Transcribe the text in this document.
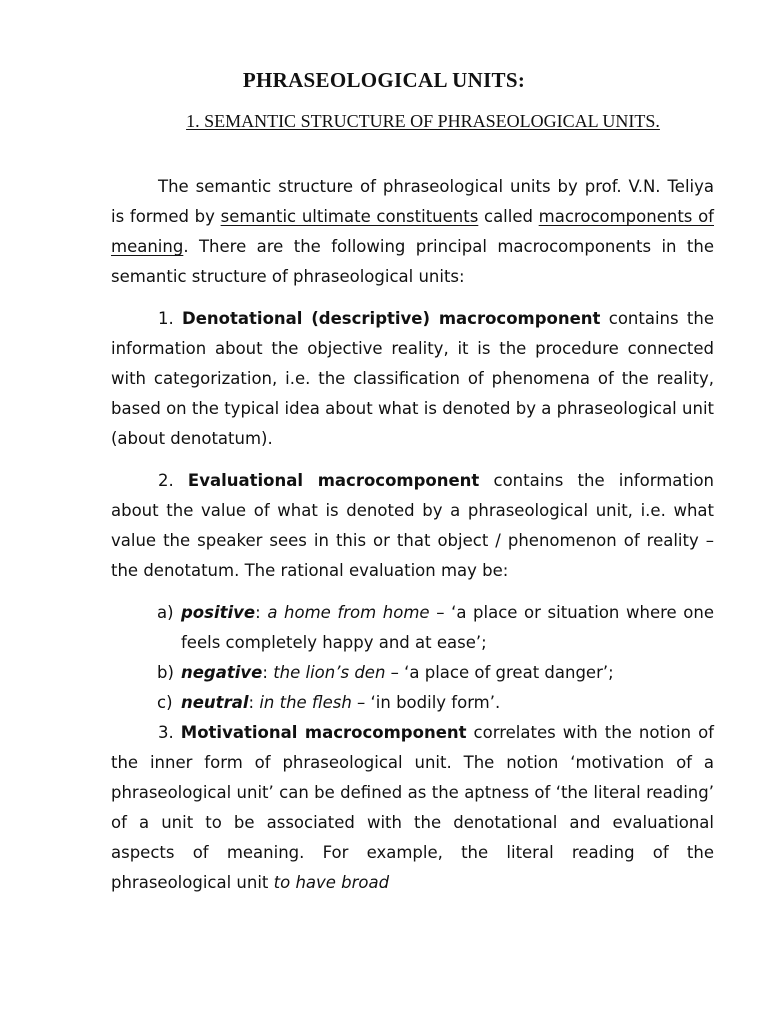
PHRASEOLOGICAL UNITS:
1. SEMANTIC STRUCTURE OF PHRASEOLOGICAL UNITS.

The semantic structure of phraseological units by prof. V.N. Teliya is formed by semantic ultimate constituents called macrocomponents of meaning. There are the following principal macrocomponents in the semantic structure of phraseological units:

1. Denotational (descriptive) macrocomponent contains the information about the objective reality, it is the procedure connected with categorization, i.e. the classification of phenomena of the reality, based on the typical idea about what is denoted by a phraseological unit (about denotatum).

2. Evaluational macrocomponent contains the information about the value of what is denoted by a phraseological unit, i.e. what value the speaker sees in this or that object / phenomenon of reality – the denotatum. The rational evaluation may be:

a) positive: a home from home – ‘a place or situation where one feels completely happy and at ease’;
b) negative: the lion’s den – ‘a place of great danger’;
c) neutral: in the flesh – ‘in bodily form’.

3. Motivational macrocomponent correlates with the notion of the inner form of phraseological unit. The notion ‘motivation of a phraseological unit’ can be defined as the aptness of ‘the literal reading’ of a unit to be associated with the denotational and evaluational aspects of meaning. For example, the literal reading of the phraseological unit to have broad
